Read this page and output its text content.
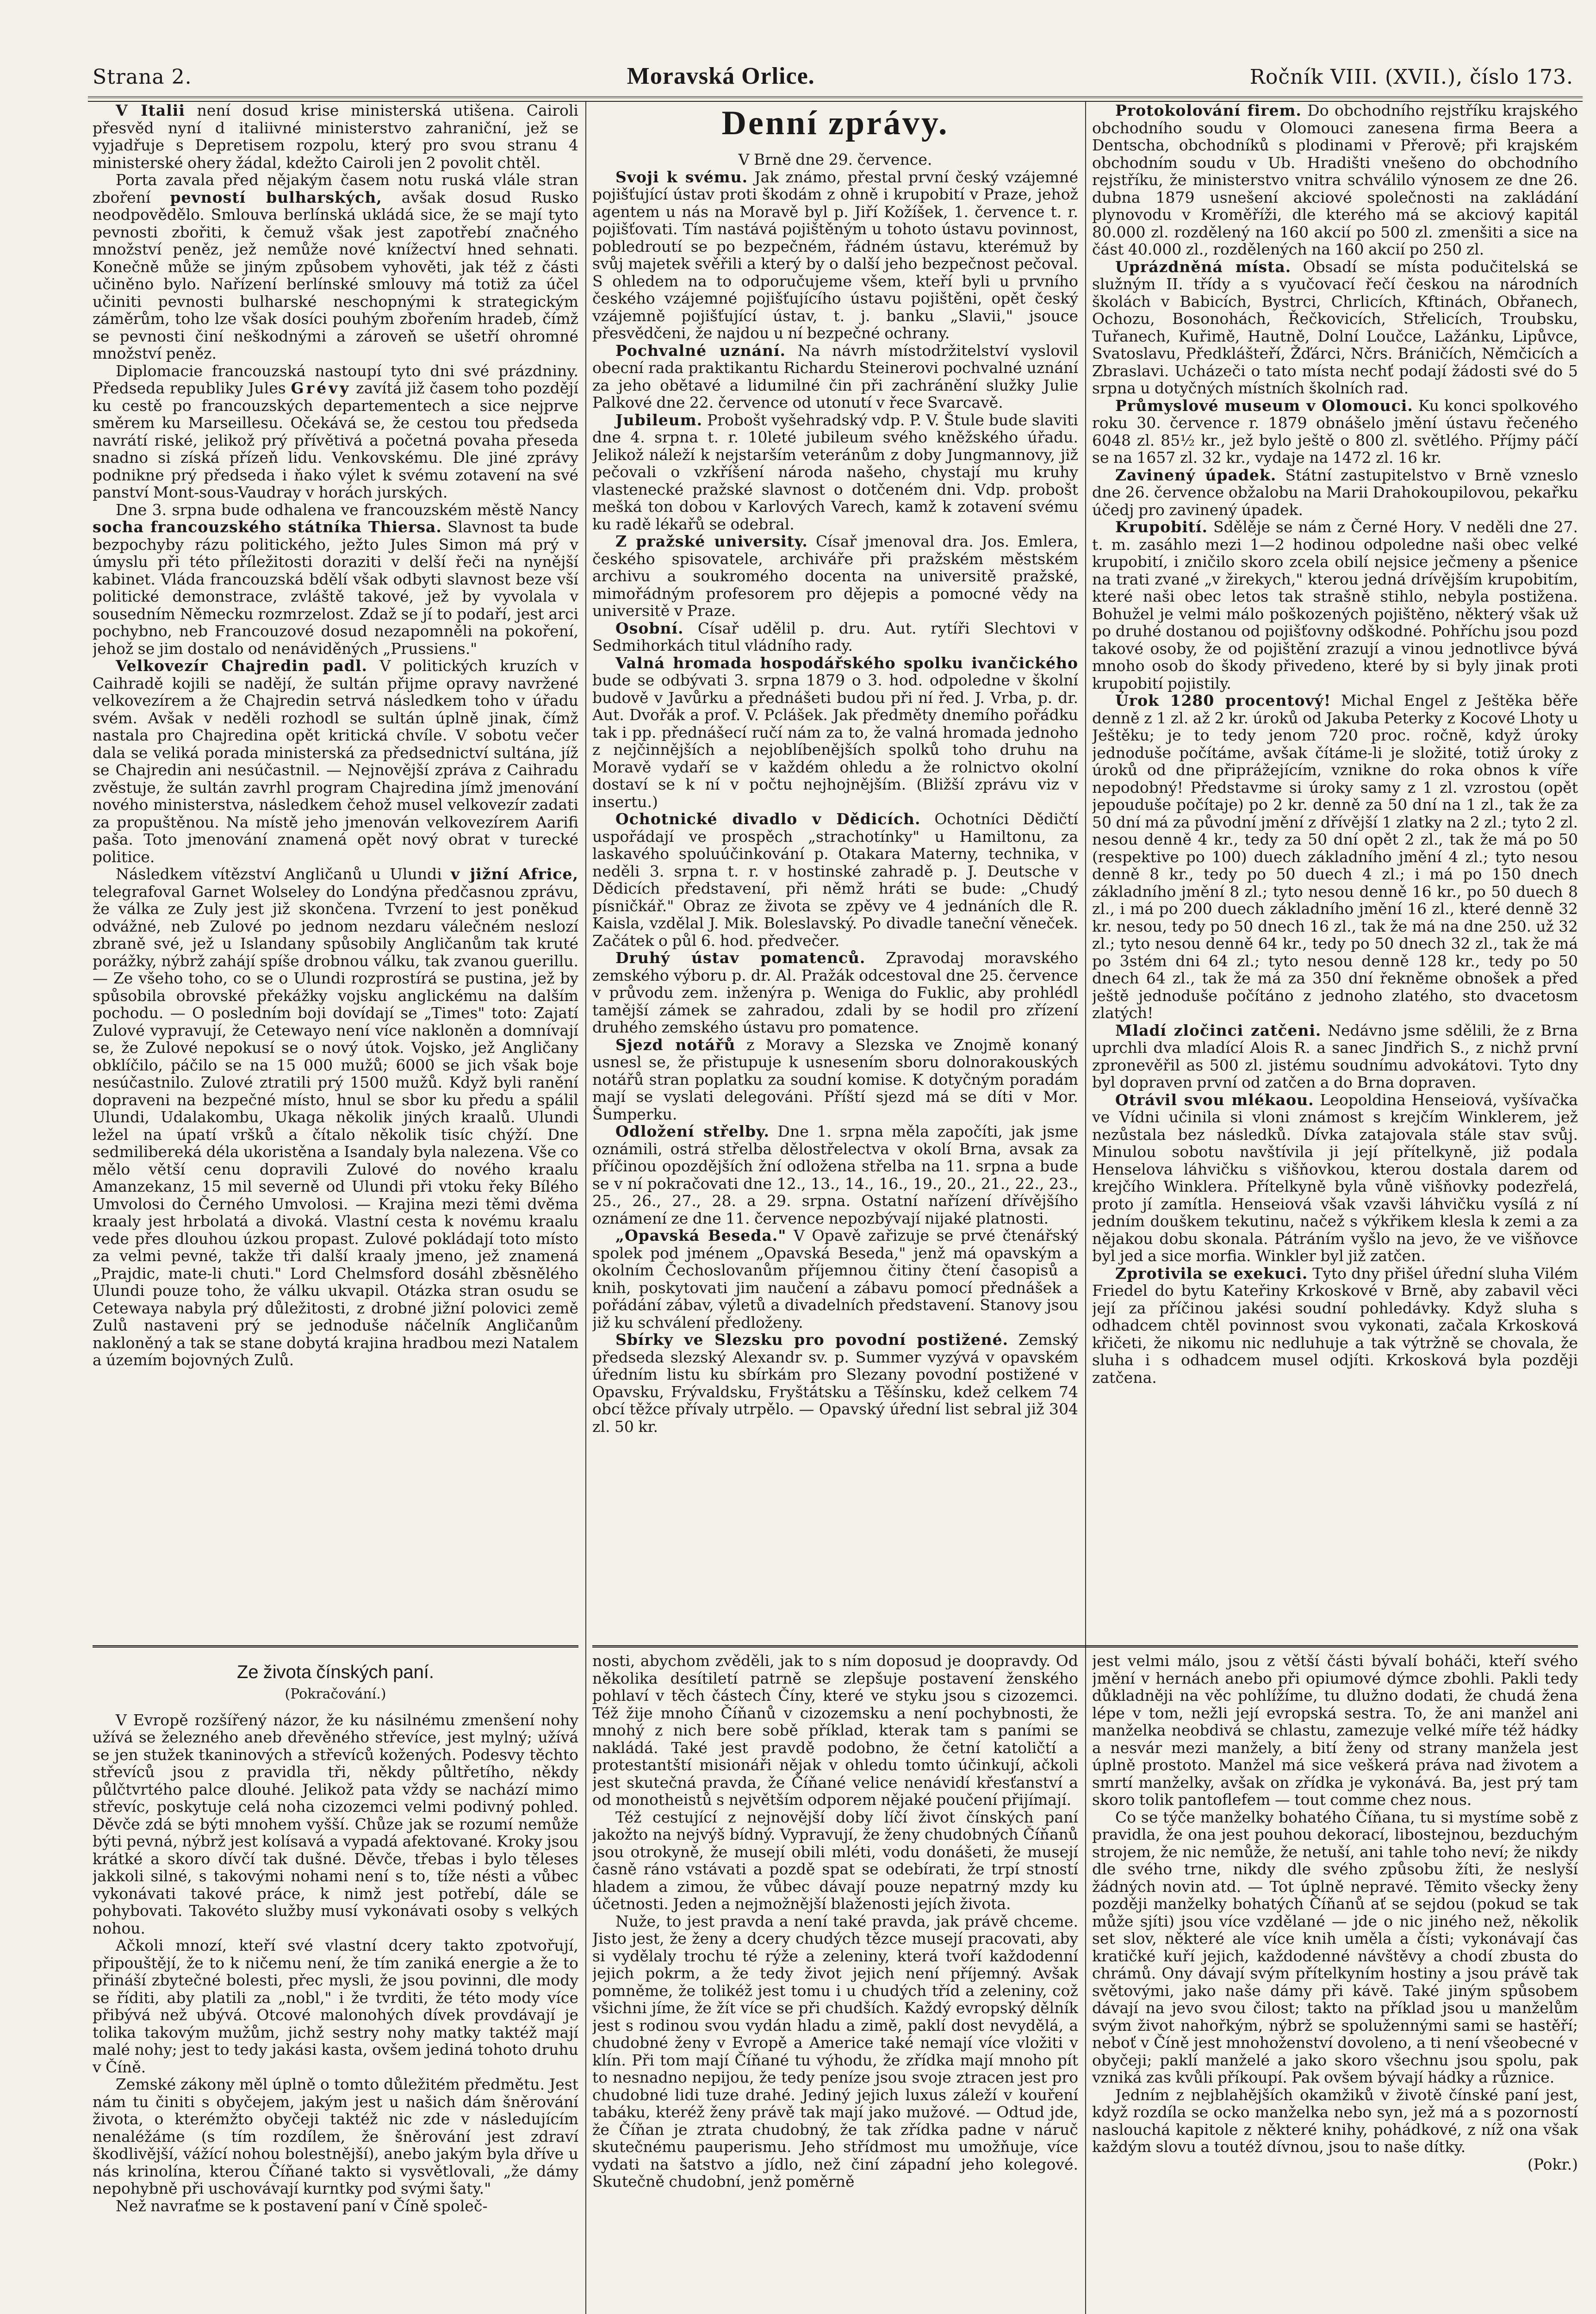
Strana 2.	Moravská Orlice.	Ročník VIII. (XVII.), číslo 173.

V Italii není dosud krise ministerská utišena. Cairoli přesvěd nyní d italiivné ministerstvo zahraniční, jež se vyjadřuje s Depretisem rozpolu, který pro svou stranu 4 ministerské ohery žádal, kdežto Cairoli jen 2 povolit chtěl.

Porta zavala před nějakým časem notu ruská vlále stran zboření pevností bulharských, avšak dosud Rusko neodpovědělo. Smlouva berlínská ukládá sice, že se mají tyto pevnosti zbořiti, k čemuž však jest zapotřebí značného množství peněz, jež nemůže nové knížectví hned sehnati. Konečně může se jiným způsobem vyhověti, jak též z části učiněno bylo. Nařízení berlínské smlouvy má totiž za účel učiniti pevnosti bulharské neschopnými k strategickým záměrům, toho lze však dosíci pouhým zbořením hradeb, čímž se pevnosti činí neškodnými a zároveň se ušetří ohromné množství peněz.

Diplomacie francouzská nastoupí tyto dni své prázdniny. Předseda republiky Jules Grévy zavítá již časem toho pozdějí ku cestě po francouzských departementech a sice nejprve směrem ku Marseillesu. Očekává se, že cestou tou předseda navrátí riské, jelikož prý přívětivá a početná povaha přeseda snadno si získá přízeň lidu. Venkovskému. Dle jiné zprávy podnikne prý předseda i ňako výlet k svému zotavení na své panství Mont-sous-Vaudray v horách jurských.

Dne 3. srpna bude odhalena ve francouzském městě Nancy socha francouzského státníka Thiersa. Slavnost ta bude bezpochyby rázu politického, ježto Jules Simon má prý v úmyslu při této příležitosti doraziti v delší řeči na nynější kabinet. Vláda francouzská bdělí však odbyti slavnost beze vší politické demonstrace, zvláště takové, jež by vyvolala v sousedním Německu rozmrzelost. Zdaž se jí to podaří, jest arci pochybno, neb Francouzové dosud nezapomněli na pokoření, jehož se jim dostalo od nenáviděných „Prussiens."

Velkovezír Chajredin padl. V politických kruzích v Caihradě kojili se nadějí, že sultán přijme opravy navržené velkovezírem a že Chajredin setrvá následkem toho v úřadu svém. Avšak v neděli rozhodl se sultán úplně jinak, čímž nastala pro Chajredina opět kritická chvíle. V sobotu večer dala se veliká porada ministerská za předsednictví sultána, jíž se Chajredin ani nesúčastnil. — Nejnovější zpráva z Caihradu zvěstuje, že sultán zavrhl program Chajredina jímž jmenování nového ministerstva, následkem čehož musel velkovezír zadati za propuštěnou. Na místě jeho jmenován velkovezírem Aarifi paša. Toto jmenování znamená opět nový obrat v turecké politice.

Následkem vítězství Angličanů u Ulundi v jižní Africe, telegrafoval Garnet Wolseley do Londýna předčasnou zprávu, že válka ze Zuly jest již skončena. Tvrzení to jest poněkud odvážné, neb Zulové po jednom nezdaru válečném neslozí zbraně své, jež u Islandany spůsobily Angličanům tak kruté porážky, nýbrž zahájí spíše drobnou válku, tak zvanou guerillu. — Ze všeho toho, co se o Ulundi rozprostírá se pustina, jež by spůsobila obrovské překážky vojsku anglickému na dalším pochodu. — O posledním boji dovídají se „Times" toto: Zajatí Zulové vypravují, že Cetewayo není více nakloněn a domnívají se, že Zulové nepokusí se o nový útok. Vojsko, jež Angličany obklíčilo, páčilo se na 15 000 mužů; 6000 se jich však boje nesúčastnilo. Zulové ztratili prý 1500 mužů. Když byli ranění dopraveni na bezpečné místo, hnul se sbor ku předu a spálil Ulundi, Udalakombu, Ukaga několik jiných kraalů. Ulundi ležel na úpatí vršků a čítalo několik tisíc chýží. Dne sedmilibereká déla ukoristěna a Isandaly byla nalezena. Vše co mělo větší cenu dopravili Zulové do nového kraalu Amanzekanz, 15 mil severně od Ulundi při vtoku řeky Bílého Umvolosi do Černého Umvolosi. — Krajina mezi těmi dvěma kraaly jest hrbolatá a divoká. Vlastní cesta k novému kraalu vede přes dlouhou úzkou propast. Zulové pokládají toto místo za velmi pevné, takže tři další kraaly jmeno, jež znamená „Prajdic, mate-li chuti." Lord Chelmsford dosáhl zběsnělého Ulundi pouze toho, že válku ukvapil. Otázka stran osudu se Cetewaya nabyla prý důležitosti, z drobné jižní polovici země Zulů nastaveni prý se jednoduše náčelník Angličanům nakloněný a tak se stane dobytá krajina hradbou mezi Natalem a územím bojovných Zulů.

Denní zprávy.

V Brně dne 29. července.

Svoji k svému. Jak známo, přestal první český vzájemné pojišťující ústav proti škodám z ohně i krupobití v Praze, jehož agentem u nás na Moravě byl p. Jiří Kožíšek, 1. července t. r. pojišťovati. Tím nastává pojištěným u tohoto ústavu povinnost, pobledroutí se po bezpečném, řádném ústavu, kterémuž by svůj majetek svěřili a který by o další jeho bezpečnost pečoval. S ohledem na to odporučujeme všem, kteří byli u prvního českého vzájemné pojišťujícího ústavu pojištěni, opět český vzájemně pojišťující ústav, t. j. banku „Slavii," jsouce přesvědčeni, že najdou u ní bezpečné ochrany.

Pochvalné uznání. Na návrh místodržitelství vyslovil obecní rada praktikantu Richardu Steinerovi pochvalné uznání za jeho obětavé a lidumilné čin při zachránění služky Julie Palkové dne 22. července od utonutí v řece Svarcavě.

Jubileum. Probošt vyšehradský vdp. P. V. Štule bude slaviti dne 4. srpna t. r. 10leté jubileum svého kněžského úřadu. Jelikož náleží k nejstarším veteránům z doby Jungmannovy, již pečovali o vzkříšení národa našeho, chystají mu kruhy vlastenecké pražské slavnost o dotčeném dni. Vdp. probošt mešká ton dobou v Karlových Varech, kamž k zotavení svému ku radě lékařů se odebral.

Z pražské university. Císař jmenoval dra. Jos. Emlera, českého spisovatele, archiváře při pražském městském archivu a soukromého docenta na universitě pražské, mimořádným profesorem pro dějepis a pomocné vědy na universitě v Praze.

Osobní. Císař udělil p. dru. Aut. rytíři Slechtovi v Sedmihorkách titul vládního rady.

Valná hromada hospodářského spolku ivančického bude se odbývati 3. srpna 1879 o 3. hod. odpoledne v školní budově v Javůrku a přednášeti budou při ní řed. J. Vrba, p. dr. Aut. Dvořák a prof. V. Pclášek. Jak předměty dnemího pořádku tak i pp. přednášecí ručí nám za to, že valná hromada jednoho z nejčinnějších a nejoblíbenějších spolků toho druhu na Moravě vydaří se v každém ohledu a že rolnictvo okolní dostaví se k ní v počtu nejhojnějším. (Bližší zprávu viz v insertu.)

Ochotnické divadlo v Dědicích. Ochotníci Dědičtí uspořádají ve prospěch „strachotínky" u Hamiltonu, za laskavého spoluúčinkování p. Otakara Materny, technika, v neděli 3. srpna t. r. v hostinské zahradě p. J. Deutsche v Dědicích představení, při němž hráti se bude: „Chudý písničkář." Obraz ze života se zpěvy ve 4 jednáních dle R. Kaisla, vzdělal J. Mik. Boleslavský. Po divadle taneční věneček. Začátek o půl 6. hod. předvečer.

Druhý ústav pomatenců. Zpravodaj moravského zemského výboru p. dr. Al. Pražák odcestoval dne 25. července v průvodu zem. inženýra p. Weniga do Fuklic, aby prohlédl tamější zámek se zahradou, zdali by se hodil pro zřízení druhého zemského ústavu pro pomatence.

Sjezd notářů z Moravy a Slezska ve Znojmě konaný usnesl se, že přistupuje k usnesením sboru dolnorakouských notářů stran poplatku za soudní komise. K dotyčným poradám mají se vyslati delegováni. Příští sjezd má se díti v Mor. Šumperku.

Odložení střelby. Dne 1. srpna měla započíti, jak jsme oznámili, ostrá střelba dělostřelectva v okolí Brna, avsak za příčinou opozdějších žní odložena střelba na 11. srpna a bude se v ní pokračovati dne 12., 13., 14., 16., 19., 20., 21., 22., 23., 25., 26., 27., 28. a 29. srpna. Ostatní nařízení dřívějšího oznámení ze dne 11. července nepozbývají nijaké platnosti.

„Opavská Beseda." V Opavě zařizuje se prvé čtenářský spolek pod jménem „Opavská Beseda," jenž má opavským a okolním Čechoslovanům příjemnou čitiny čtení časopisů a knih, poskytovati jim naučení a zábavu pomocí přednášek a pořádání zábav, výletů a divadelních představení. Stanovy jsou již ku schválení předloženy.

Sbírky ve Slezsku pro povodní postižené. Zemský předseda slezský Alexandr sv. p. Summer vyzývá v opavském úředním listu ku sbírkám pro Slezany povodní postižené v Opavsku, Frývaldsku, Fryštátsku a Těšínsku, kdež celkem 74 obcí těžce přívaly utrpělo. — Opavský úřední list sebral již 304 zl. 50 kr.

Protokolování firem. Do obchodního rejstříku krajského obchodního soudu v Olomouci zanesena firma Beera a Dentscha, obchodníků s plodinami v Přerově; při krajském obchodním soudu v Ub. Hradišti vnešeno do obchodního rejstříku, že ministerstvo vnitra schválilo výnosem ze dne 26. dubna 1879 usnešení akciové společnosti na zakládání plynovodu v Kroměříži, dle kterého má se akciový kapitál 80.000 zl. rozdělený na 160 akcií po 500 zl. zmenšiti a sice na část 40.000 zl., rozdělených na 160 akcií po 250 zl.

Uprázdněná místa. Obsadí se místa podučitelská se služným II. třídy a s vyučovací řečí českou na národních školách v Babicích, Bystrci, Chrlicích, Kftinách, Obřanech, Ochozu, Bosonohách, Řečkovicích, Střelicích, Troubsku, Tuřanech, Kuřimě, Hautně, Dolní Loučce, Lažánku, Lipůvce, Svatoslavu, Předklášteří, Žďárci, Nčrs. Bráničích, Němčicích a Zbraslavi. Ucházeči o tato místa nechť podají žádosti své do 5 srpna u dotyčných místních školních rad.

Průmyslové museum v Olomouci. Ku konci spolkového roku 30. července r. 1879 obnášelo jmění ústavu řečeného 6048 zl. 85½ kr., jež bylo ještě o 800 zl. světlého. Příjmy páčí se na 1657 zl. 32 kr., vydaje na 1472 zl. 16 kr.

Zavinený úpadek. Státní zastupitelstvo v Brně vzneslo dne 26. července obžalobu na Marii Drahokoupilovou, pekařku účedj pro zavinený úpadek.

Krupobití. Sdělěje se nám z Černé Hory. V neděli dne 27. t. m. zasáhlo mezi 1—2 hodinou odpoledne naši obec velké krupobití, i zničilo skoro zcela obilí nejsice ječmeny a pšenice na trati zvané „v žirekych," kterou jedná drívějším krupobitím, které naši obec letos tak strašně stihlo, nebyla postižena. Bohužel je velmi málo poškozených pojištěno, některý však už po druhé dostanou od pojišťovny odškodné. Pohříchu jsou pozd takové osoby, že od pojištění zrazují a vinou jednotlivce bývá mnoho osob do škody přivedeno, které by si byly jinak proti krupobití pojistily.

Úrok 1280 procentový! Michal Engel z Ještěka běře denně z 1 zl. až 2 kr. úroků od Jakuba Peterky z Kocové Lhoty u Ještěku; je to tedy jenom 720 proc. ročně, když úroky jednoduše počítáme, avšak čítáme-li je složité, totiž úroky z úroků od dne připrážejícím, vznikne do roka obnos k víře nepodobný! Představme si úroky samy z 1 zl. vzrostou (opět jepouduše počítaje) po 2 kr. denně za 50 dní na 1 zl., tak že za 50 dní má za původní jmění z dřívější 1 zlatky na 2 zl.; tyto 2 zl. nesou denně 4 kr., tedy za 50 dní opět 2 zl., tak že má po 50 (respektive po 100) duech základního jmění 4 zl.; tyto nesou denně 8 kr., tedy po 50 duech 4 zl.; i má po 150 dnech základního jmění 8 zl.; tyto nesou denně 16 kr., po 50 duech 8 zl., i má po 200 duech základního jmění 16 zl., které denně 32 kr. nesou, tedy po 50 dnech 16 zl., tak že má na dne 250. už 32 zl.; tyto nesou denně 64 kr., tedy po 50 dnech 32 zl., tak že má po 3stém dni 64 zl.; tyto nesou denně 128 kr., tedy po 50 dnech 64 zl., tak že má za 350 dní řekněme obnošek a před ještě jednoduše počítáno z jednoho zlatého, sto dvacetosm zlatých!

Mladí zločinci zatčeni. Nedávno jsme sdělili, že z Brna uprchli dva mladící Alois R. a sanec Jindřich S., z nichž první zpronevěřil as 500 zl. jistému soudnímu advokátovi. Tyto dny byl dopraven první od zatčen a do Brna dopraven.

Otrávil svou mlékaou. Leopoldina Henseiová, vyšívačka ve Vídni učinila si vloni známost s krejčím Winklerem, jež nezůstala bez následků. Dívka zatajovala stále stav svůj. Minulou sobotu navštívila ji její přítelkyně, již podala Henselova láhvičku s višňovkou, kterou dostala darem od krejčího Winklera. Přítelkyně byla vůně višňovky podezřelá, proto jí zamítla. Henseiová však vzavši láhvičku vysílá z ní jedním douškem tekutinu, načež s výkřikem klesla k zemi a za nějakou dobu skonala. Pátráním vyšlo na jevo, že ve višňovce byl jed a sice morfia. Winkler byl již zatčen.

Zprotivila se exekuci. Tyto dny přišel úřední sluha Vilém Friedel do bytu Kateřiny Krkoskové v Brně, aby zabavil věci její za příčinou jakési soudní pohledávky. Když sluha s odhadcem chtěl povinnost svou vykonati, začala Krkosková křičeti, že nikomu nic nedluhuje a tak výtržně se chovala, že sluha i s odhadcem musel odjíti. Krkosková byla později zatčena.

Ze života čínských paní.
(Pokračování.)

V Evropě rozšířený názor, že ku násilnému zmenšení nohy užívá se železného aneb dřevěného střevíce, jest mylný; užívá se jen stužek tkaninových a střevíců kožených. Podesvy těchto střevíců jsou z pravidla tři, někdy půltřetího, někdy půlčtvrtého palce dlouhé. Jelikož pata vždy se nachází mimo střevíc, poskytuje celá noha cizozemci velmi podivný pohled. Děvče zdá se býti mnohem vyšší. Chůze jak se rozumí nemůže býti pevná, nýbrž jest kolísavá a vypadá afektované. Kroky jsou krátké a skoro dívčí tak dušné. Děvče, třebas i bylo těleses jakkoli silné, s takovými nohami není s to, tíže nésti a vůbec vykonávati takové práce, k nimž jest potřebí, dále se pohybovati. Takovéto služby musí vykonávati osoby s velkých nohou.

Ačkoli mnozí, kteří své vlastní dcery takto zpotvořují, připouštějí, že to k ničemu není, že tím zaniká energie a že to přináší zbytečné bolesti, přec mysli, že jsou povinni, dle mody se říditi, aby platili za „nobl," i že tvrditi, že této mody více přibývá než ubývá. Otcové malonohých dívek provdávají je tolika takovým mužům, jichž sestry nohy matky taktéž mají malé nohy; jest to tedy jakási kasta, ovšem jediná tohoto druhu v Číně.

Zemské zákony měl úplně o tomto důležitém předmětu. Jest nám tu činiti s obyčejem, jakým jest u našich dám šněrování života, o kterémžto obyčeji taktéž nic zde v následujícím nenaléžáme (s tím rozdílem, že šněrování jest zdraví škodlivější, vážící nohou bolestnější), anebo jakým byla dříve u nás krinolína, kterou Číňané takto si vysvětlovali, „že dámy nepohybně při uschovávají kurntky pod svými šaty."

Než navraťme se k postavení paní v Číně společ-

nosti, abychom zvěděli, jak to s ním doposud je doopravdy. Od několika desítiletí patrně se zlepšuje postavení ženského pohlaví v těch částech Číny, které ve styku jsou s cizozemci. Též žije mnoho Číňanů v cizozemsku a není pochybnosti, že mnohý z nich bere sobě příklad, kterak tam s paními se nakládá. Také jest pravdě podobno, že četní katoličtí a protestantští misionáři nějak v ohledu tomto účinkují, ačkoli jest skutečná pravda, že Číňané velice nenávidí křesťanství a od monotheistů s největším odporem nějaké poučení přijímají.

Též cestující z nejnovější doby líčí život čínských paní jakožto na nejvýš bídný. Vypravují, že ženy chudobných Číňanů jsou otrokyně, že musejí obili mléti, vodu donášeti, že musejí časně ráno vstávati a pozdě spat se odebírati, že trpí stností hladem a zimou, že vůbec dávají pouze nepatrný mzdy ku účetnosti. Jeden a nejmožnější blaženosti jejích života.

Nuže, to jest pravda a není také pravda, jak právě chceme. Jisto jest, že ženy a dcery chudých tězce musejí pracovati, aby si vydělaly trochu té rýže a zeleniny, která tvoří každodenní jejich pokrm, a že tedy život jejich není příjemný. Avšak pomněme, že tolikéž jest tomu i u chudých tříd a zeleniny, což všichni jíme, že žít více se při chudších. Každý evropský dělník jest s rodinou svou vydán hladu a zimě, paklí dost nevydělá, a chudobné ženy v Evropě a Americe také nemají více vložiti v klín. Při tom mají Číňané tu výhodu, že zřídka mají mnoho pít to nesnadno nepijou, že tedy peníze jsou svoje ztracen jest pro chudobné lidi tuze drahé. Jediný jejich luxus záleží v kouření tabáku, kteréž ženy právě tak mají jako mužové. — Odtud jde, že Číňan je ztrata chudobný, že tak zřídka padne v náruč skutečnému pauperismu. Jeho střídmost mu umožňuje, více vydati na šatstvo a jídlo, než činí západní jeho kolegové. Skutečně chudobní, jenž poměrně

jest velmi málo, jsou z větší části bývalí boháči, kteří svého jmění v hernách anebo při opiumové dýmce zbohli. Pakli tedy důkladněji na věc pohlížíme, tu dlužno dodati, že chudá žena lépe v tom, nežli její evropská sestra. To, že ani manžel ani manželka neobdivá se chlastu, zamezuje velké míře též hádky a nesvár mezi manžely, a bití ženy od strany manžela jest úplně prostoto. Manžel má sice veškerá práva nad životem a smrtí manželky, avšak on zřídka je vykonává. Ba, jest prý tam skoro tolik pantoflefem — tout comme chez nous.

Co se týče manželky bohatého Číňana, tu si mystíme sobě z pravidla, že ona jest pouhou dekorací, libostejnou, bezduchým strojem, že nic nemůže, že netuší, ani tahle toho neví; že nikdy dle svého trne, nikdy dle svého způsobu žíti, že neslyší žádných novin atd. — Tot úplně nepravé. Těmito všecky ženy později manželky bohatých Číňanů ať se sejdou (pokud se tak může sjíti) jsou více vzdělané — jde o nic jiného než, několik set slov, některé ale více knih uměla a čísti; vykonávají čas kratičké kuří jejich, každodenné návštěvy a chodí zbusta do chrámů. Ony dávají svým přítelkyním hostiny a jsou právě tak světovými, jako naše dámy při kávě. Také jiným spůsobem dávají na jevo svou čilost; takto na příklad jsou u manželům svým život nahořkým, nýbrž se spolužennými sami se hastěří; neboť v Číně jest mnohoženství dovoleno, a ti není všeobecné v obyčeji; paklí manželé a jako skoro všechnu jsou spolu, pak vzniká zas kvůli příkoupí. Pak ovšem bývají hádky a různice.

Jedním z nejblahějších okamžiků v životě čínské paní jest, když rozdíla se ocko manželka nebo syn, jež má a s pozorností naslouchá kapitole z některé knihy, pohádkové, z níž ona však každým slovu a toutéž dívnou, jsou to naše dítky.

(Pokr.)
